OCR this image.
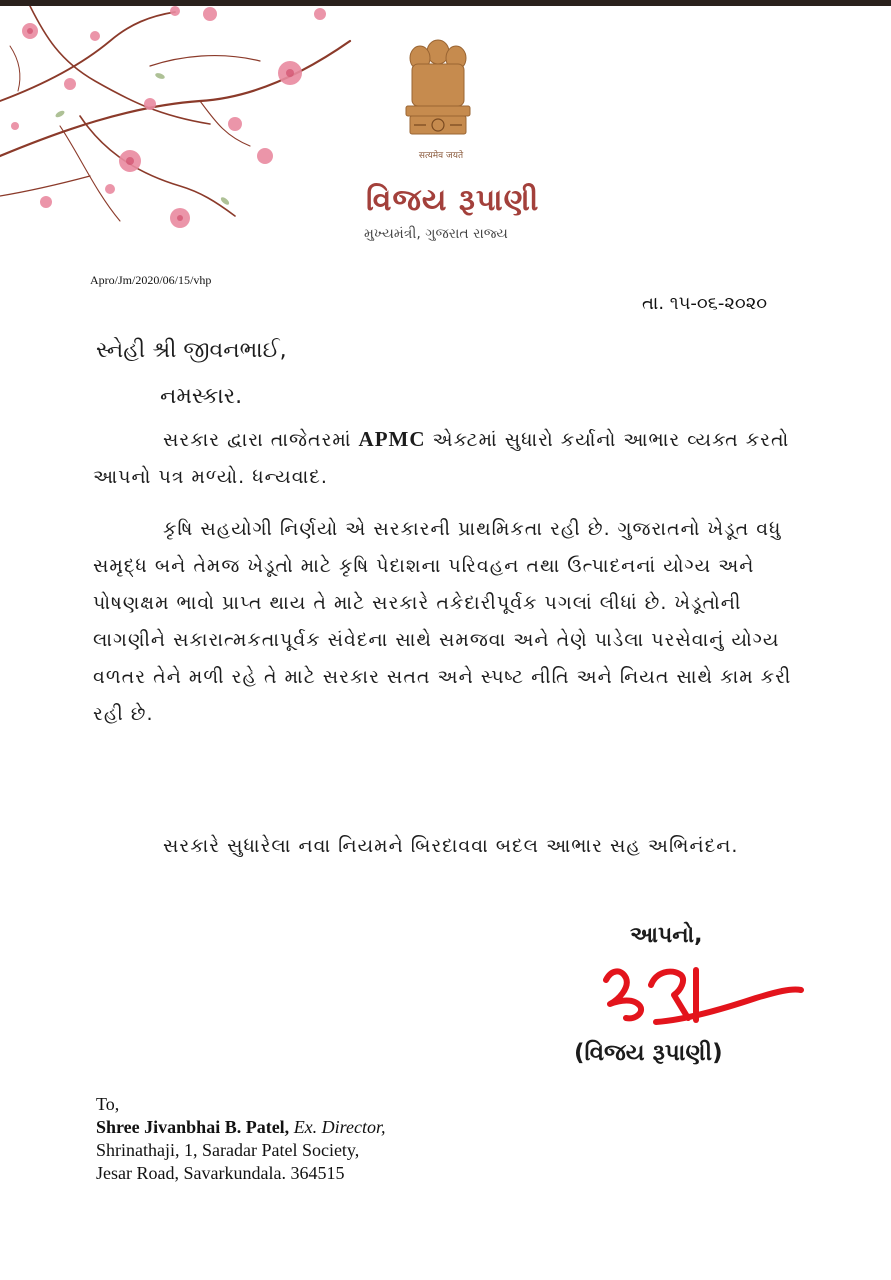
सत्यमेव जयते
વિજય રૂપાણી
મુખ્યમંત્રી, ગુજરાત રાજ્ય
Apro/Jm/2020/06/15/vhp
તા. ૧૫-૦૬-૨૦૨૦
સ્નેહી શ્રી જીવનભાઈ,
નમસ્કાર.
સરકાર દ્વારા તાજેતરમાં APMC એક્ટમાં સુધારો કર્યાનો આભાર વ્યક્ત કરતો આપનો પત્ર મળ્યો. ધન્યવાદ.
કૃષિ સહયોગી નિર્ણયો એ સરકારની પ્રાથમિકતા રહી છે. ગુજરાતનો ખેડૂત વધુ સમૃદ્ધ બને તેમજ ખેડૂતો માટે કૃષિ પેદાશના પરિવહન તથા ઉત્પાદનનાં યોગ્ય અને પોષણક્ષમ ભાવો પ્રાપ્ત થાય તે માટે સરકારે તકેદારીપૂર્વક પગલાં લીધાં છે. ખેડૂતોની લાગણીને સકારાત્મકતાપૂર્વક સંવેદના સાથે સમજવા અને તેણે પાડેલા પરસેવાનું યોગ્ય વળતર તેને મળી રહે તે માટે સરકાર સતત અને સ્પષ્ટ નીતિ અને નિયત સાથે કામ કરી રહી છે.
સરકારે સુધારેલા નવા નિયમને બિરદાવવા બદલ આભાર સહ અભિનંદન.
આપનો,
(વિજય રૂપાણી)
To,
Shree Jivanbhai B. Patel, Ex. Director,
Shrinathaji, 1, Saradar Patel Society,
Jesar Road, Savarkundala. 364515
